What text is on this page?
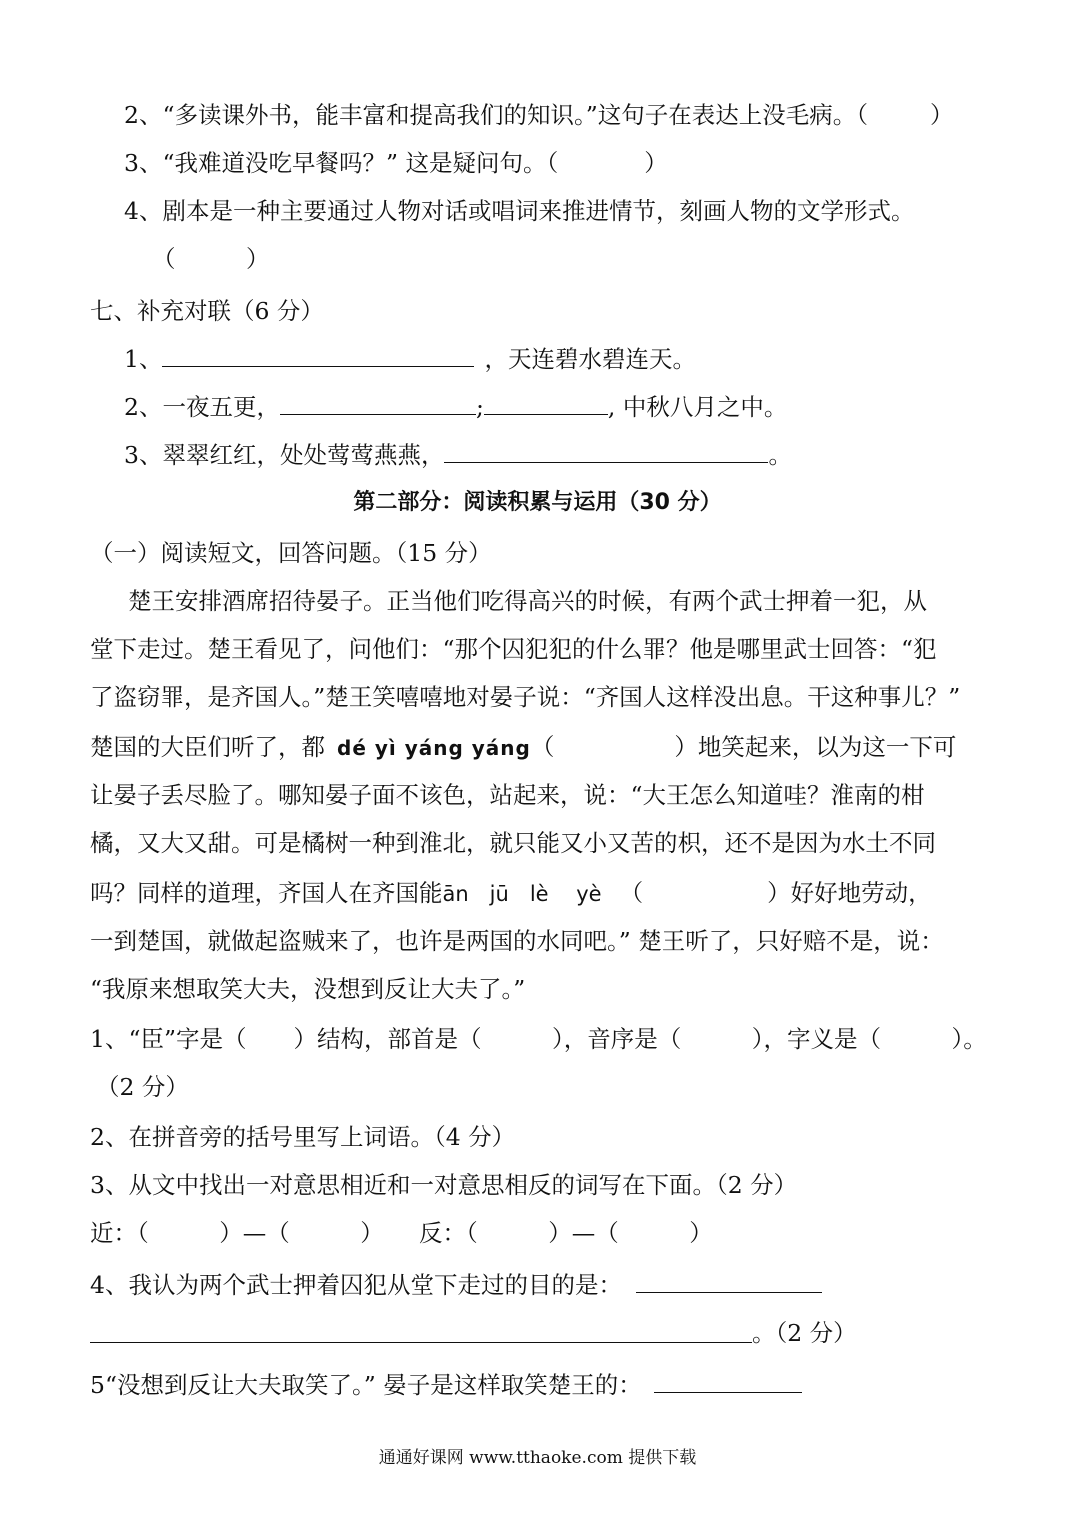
2、“多读课外书，能丰富和提高我们的知识。”这句子在表达上没毛病。（	）
3、“我难道没吃早餐吗？” 这是疑问句。（	）
4、剧本是一种主要通过人物对话或唱词来推进情节，刻画人物的文学形式。
（　　　）
七、补充对联（6 分）
1、	，天连碧水碧连天。
2、一夜五更，	;	, 中秋八月之中。
3、翠翠红红，处处莺莺燕燕，	。
第二部分：阅读积累与运用（30 分）
（一）阅读短文，回答问题。（15 分）
楚王安排酒席招待晏子。正当他们吃得高兴的时候，有两个武士押着一犯，从
堂下走过。楚王看见了，问他们：“那个囚犯犯的什么罪？他是哪里武士回答：“犯
了盗窃罪，是齐国人。”楚王笑嘻嘻地对晏子说：“齐国人这样没出息。干这种事儿？”
楚国的大臣们听了，都 dé yì yáng yáng（	）地笑起来，以为这一下可
让晏子丢尽脸了。哪知晏子面不该色，站起来，说：“大王怎么知道哇？淮南的柑
橘，又大又甜。可是橘树一种到淮北，就只能又小又苦的枳，还不是因为水土不同
吗？同样的道理，齐国人在齐国能ān　jū　lè　 yè （	）好好地劳动，
一到楚国，就做起盗贼来了，也许是两国的水同吧。” 楚王听了，只好赔不是，说：
“我原来想取笑大夫，没想到反让大夫了。”
1、“臣”字是（　　）结构，部首是（　　　），音序是（　　　），字义是（　　　）。
（2 分）
2、在拼音旁的括号里写上词语。（4 分）
3、从文中找出一对意思相近和一对意思相反的词写在下面。（2 分）
近：（　　　）—（　　　）　　反：（　　　）—（　　　）
4、我认为两个武士押着囚犯从堂下走过的目的是：
。（2 分）
5“没想到反让大夫取笑了。” 晏子是这样取笑楚王的：
通通好课网 www.tthaoke.com 提供下载
